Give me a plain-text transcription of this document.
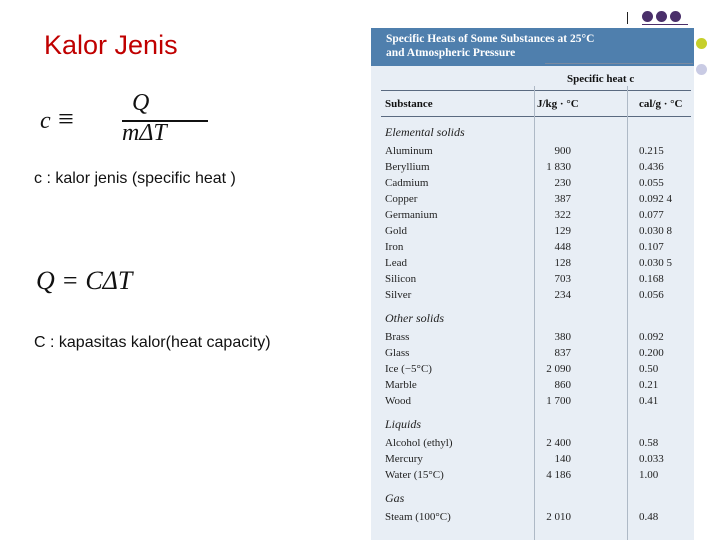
Kalor Jenis
c ≡
Q
mΔT
c : kalor jenis (specific heat )
Q = CΔT
C : kapasitas kalor(heat capacity)
Specific Heats of Some Substances at 25°C
and Atmospheric Pressure
Specific heat c
Substance	J/kg · °C	cal/g · °C
Elemental solids
Aluminum	900	0.215
Beryllium	1 830	0.436
Cadmium	230	0.055
Copper	387	0.092 4
Germanium	322	0.077
Gold	129	0.030 8
Iron	448	0.107
Lead	128	0.030 5
Silicon	703	0.168
Silver	234	0.056
Other solids
Brass	380	0.092
Glass	837	0.200
Ice (−5°C)	2 090	0.50
Marble	860	0.21
Wood	1 700	0.41
Liquids
Alcohol (ethyl)	2 400	0.58
Mercury	140	0.033
Water (15°C)	4 186	1.00
Gas
Steam (100°C)	2 010	0.48
